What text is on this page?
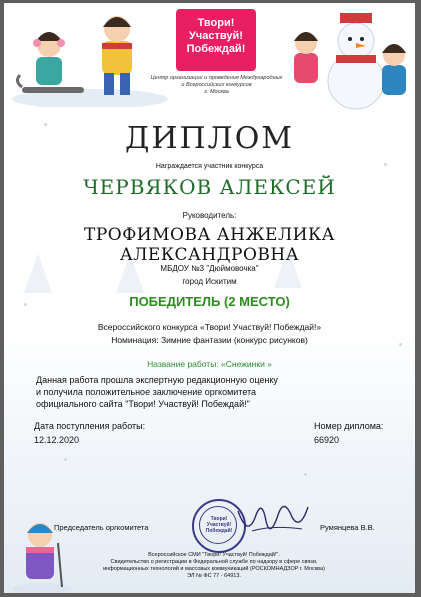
Твори!
Участвуй!
Побеждай!
Центр организации и проведения Международных
и Всероссийских конкурсов
г. Москва
ДИПЛОМ
Награждается участник конкурса
ЧЕРВЯКОВ АЛЕКСЕЙ
Руководитель:
ТРОФИМОВА АНЖЕЛИКА АЛЕКСАНДРОВНА
МБДОУ №3 "Дюймовочка"
город Искитим
ПОБЕДИТЕЛЬ (2 МЕСТО)
Всероссийского конкурса «Твори! Участвуй! Побеждай!»
Номинация: Зимние фантазии (конкурс рисунков)
Название работы: «Снежинки »
Данная работа прошла экспертную редакционную оценку
и получила положительное заключение оргкомитета
официального сайта "Твори! Участвуй! Побеждай!"
Дата поступления работы:
12.12.2020
Номер диплома:
66920
Председатель оргкомитета
Твори! Участвуй! Побеждай!	Румянцева В.В.
Всероссийское СМИ "Твори! Участвуй! Побеждай!".
Свидетельство о регистрации в Федеральной службе по надзору в сфере связи,
информационных технологий и массовых коммуникаций (РОСКОМНАДЗОР г. Москва)
ЭЛ № ФС 77 - 64913.
